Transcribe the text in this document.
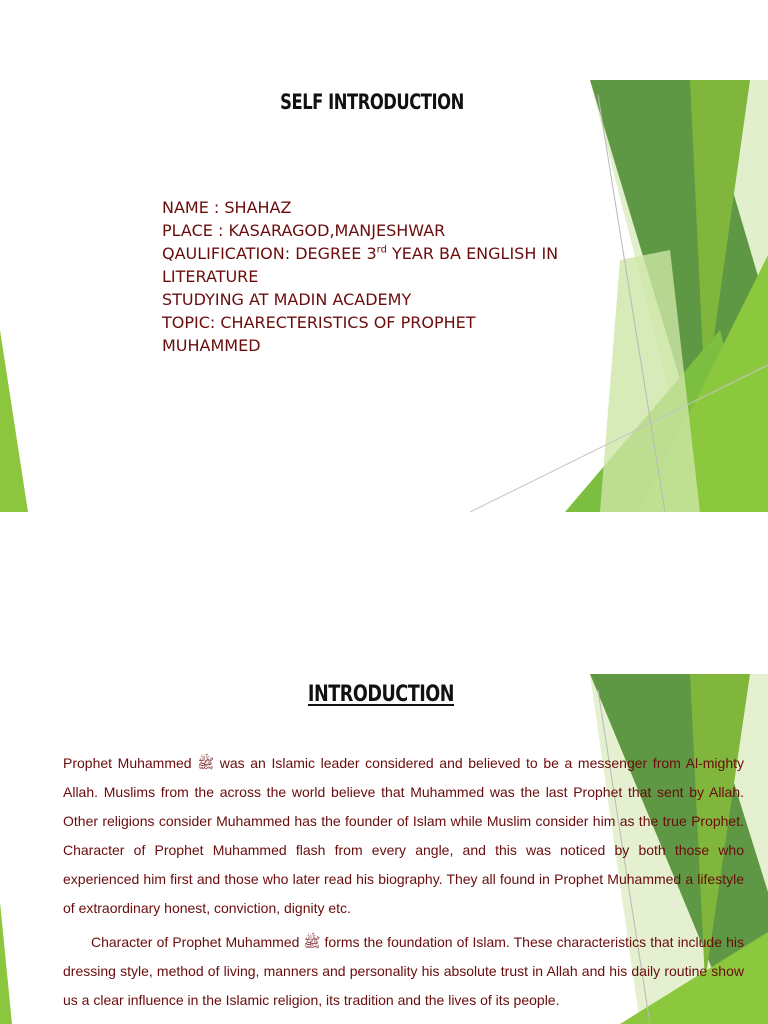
SELF INTRODUCTION
NAME : SHAHAZ
PLACE : KASARAGOD,MANJESHWAR
QAULIFICATION: DEGREE 3rd YEAR BA ENGLISH IN
LITERATURE
STUDYING AT MADIN ACADEMY
TOPIC: CHARECTERISTICS OF PROPHET
MUHAMMED
INTRODUCTION

Prophet Muhammed ﷺ was an Islamic leader considered and believed to be a messenger from Al-mighty Allah. Muslims from the across the world believe that Muhammed was the last Prophet that sent by Allah. Other religions consider Muhammed has the founder of Islam while Muslim consider him as the true Prophet. Character of Prophet Muhammed flash from every angle, and this was noticed by both those who experienced him first and those who later read his biography. They all found in Prophet Muhammed a lifestyle of extraordinary honest, conviction, dignity etc.

Character of Prophet Muhammed ﷺ forms the foundation of Islam. These characteristics that include his dressing style, method of living, manners and personality his absolute trust in Allah and his daily routine show us a clear influence in the Islamic religion, its tradition and the lives of its people.
